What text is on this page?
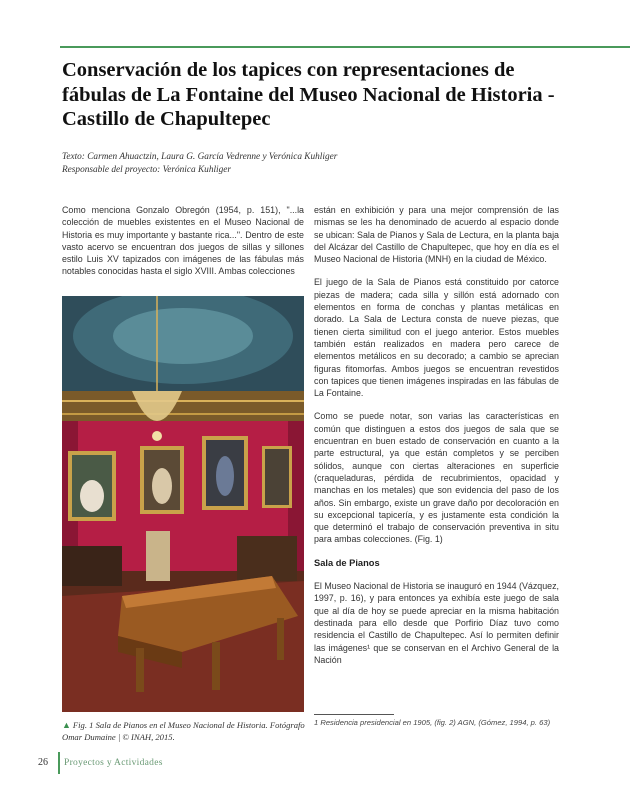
Conservación de los tapices con representaciones de fábulas de La Fontaine del Museo Nacional de Historia - Castillo de Chapultepec
Texto: Carmen Ahuactzin, Laura G. García Vedrenne y Verónica Kuhliger
Responsable del proyecto: Verónica Kuhliger

Como menciona Gonzalo Obregón (1954, p. 151), "...la colección de muebles existentes en el Museo Nacional de Historia es muy importante y bastante rica...". Dentro de este vasto acervo se encuentran dos juegos de sillas y sillones estilo Luis XV tapizados con imágenes de las fábulas más notables conocidas hasta el siglo XVIII. Ambas colecciones

▲ Fig. 1 Sala de Pianos en el Museo Nacional de Historia. Fotógrafo Omar Dumaine | © INAH, 2015.

están en exhibición y para una mejor comprensión de las mismas se les ha denominado de acuerdo al espacio donde se ubican: Sala de Pianos y Sala de Lectura, en la planta baja del Alcázar del Castillo de Chapultepec, que hoy en día es el Museo Nacional de Historia (MNH) en la ciudad de México.

El juego de la Sala de Pianos está constituido por catorce piezas de madera; cada silla y sillón está adornado con elementos en forma de conchas y plantas metálicas en dorado. La Sala de Lectura consta de nueve piezas, que tienen cierta similitud con el juego anterior. Estos muebles también están realizados en madera pero carece de elementos metálicos en su decorado; a cambio se aprecian figuras fitomorfas. Ambos juegos se encuentran revestidos con tapices que tienen imágenes inspiradas en las fábulas de La Fontaine.

Como se puede notar, son varias las características en común que distinguen a estos dos juegos de sala que se encuentran en buen estado de conservación en cuanto a la parte estructural, ya que están completos y se perciben sólidos, aunque con ciertas alteraciones en superficie (craqueladuras, pérdida de recubrimientos, opacidad y manchas en los metales) que son evidencia del paso de los años. Sin embargo, existe un grave daño por decoloración en su excepcional tapicería, y es justamente esta condición la que determinó el trabajo de conservación preventiva in situ para ambas colecciones. (Fig. 1)

Sala de Pianos

El Museo Nacional de Historia se inauguró en 1944 (Vázquez, 1997, p. 16), y para entonces ya exhibía este juego de sala que al día de hoy se puede apreciar en la misma habitación destinada para ello desde que Porfirio Díaz tuvo como residencia el Castillo de Chapultepec. Así lo permiten definir las imágenes¹ que se conservan en el Archivo General de la Nación

1 Residencia presidencial en 1905, (fig. 2) AGN, (Gómez, 1994, p. 63)
26 Proyectos y Actividades
